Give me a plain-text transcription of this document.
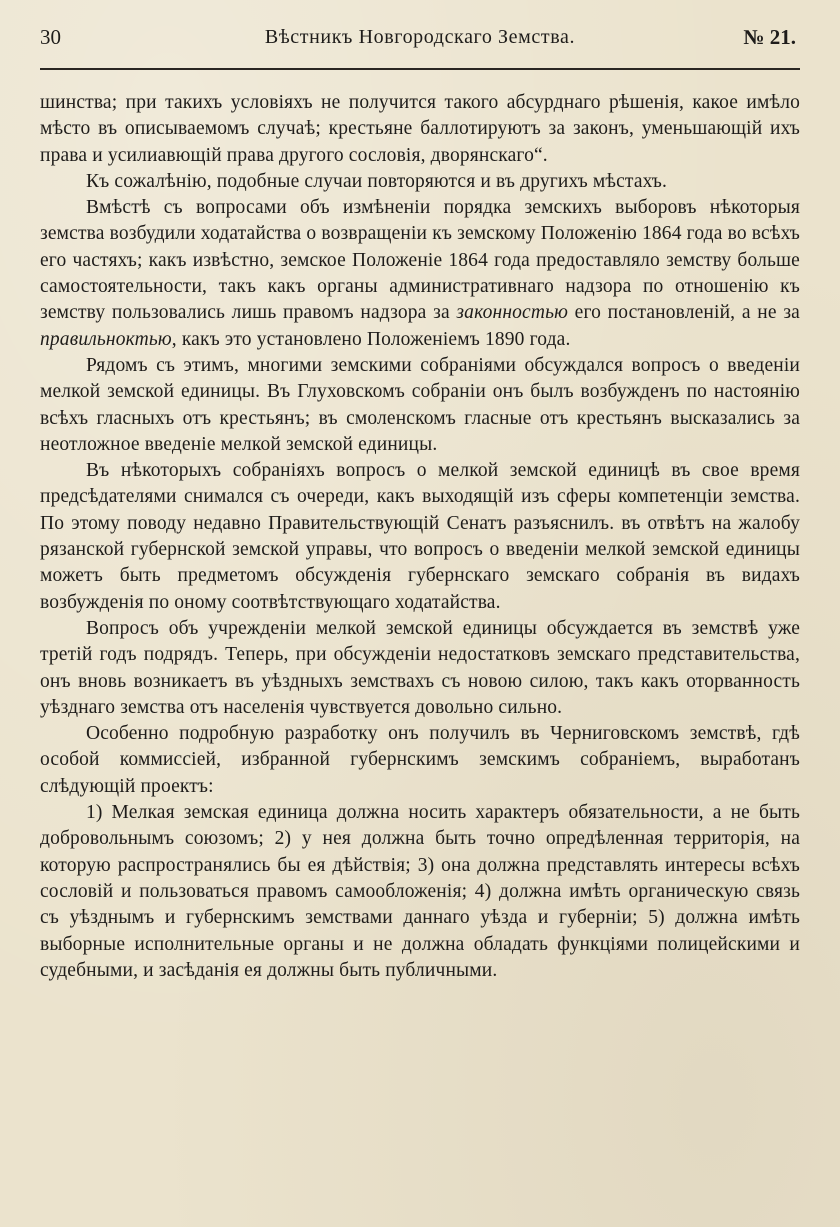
30	Вѣстникъ Новгородскаго Земства.	№ 21.

шинства; при такихъ условіяхъ не получится такого абсурднаго рѣшенія, какое имѣло мѣсто въ описываемомъ случаѣ; крестьяне баллотируютъ за законъ, уменьшающій ихъ права и усилиавющій права другого сословія, дворянскаго“.

Къ сожалѣнію, подобные случаи повторяются и въ другихъ мѣстахъ.

Вмѣстѣ съ вопросами объ измѣненіи порядка земскихъ выборовъ нѣкоторыя земства возбудили ходатайства о возвращеніи къ земскому Положенію 1864 года во всѣхъ его частяхъ; какъ извѣстно, земское Положеніе 1864 года предоставляло земству больше самостоятельности, такъ какъ органы административнаго надзора по отношенію къ земству пользовались лишь правомъ надзора за законностью его постановленій, а не за правильноктью, какъ это установлено Положеніемъ 1890 года.

Рядомъ съ этимъ, многими земскими собраніями обсуждался вопросъ о введеніи мелкой земской единицы. Въ Глуховскомъ собраніи онъ былъ возбужденъ по настоянію всѣхъ гласныхъ отъ крестьянъ; въ смоленскомъ гласные отъ крестьянъ высказались за неотложное введеніе мелкой земской единицы.

Въ нѣкоторыхъ собраніяхъ вопросъ о мелкой земской единицѣ въ свое время предсѣдателями снимался съ очереди, какъ выходящій изъ сферы компетенціи земства. По этому поводу недавно Правительствующій Сенатъ разъяснилъ. въ отвѣтъ на жалобу рязанской губернской земской управы, что вопросъ о введеніи мелкой земской единицы можетъ быть предметомъ обсужденія губернскаго земскаго собранія въ видахъ возбужденія по оному соотвѣтствующаго ходатайства.

Вопросъ объ учрежденіи мелкой земской единицы обсуждается въ земствѣ уже третій годъ подрядъ. Теперь, при обсужденіи недостатковъ земскаго представительства, онъ вновь возникаетъ въ уѣздныхъ земствахъ съ новою силою, такъ какъ оторванность уѣзднаго земства отъ населенія чувствуется довольно сильно.

Особенно подробную разработку онъ получилъ въ Черниговскомъ земствѣ, гдѣ особой коммиссіей, избранной губернскимъ земскимъ собраніемъ, выработанъ слѣдующій проектъ:

1) Мелкая земская единица должна носить характеръ обязательности, а не быть добровольнымъ союзомъ; 2) у нея должна быть точно опредѣленная территорія, на которую распространялись бы ея дѣйствія; 3) она должна представлять интересы всѣхъ сословій и пользоваться правомъ самообложенія; 4) должна имѣть органическую связь съ уѣзднымъ и губернскимъ земствами даннаго уѣзда и губерніи; 5) должна имѣть выборные исполнительные органы и не должна обладать функціями полицейскими и судебными, и засѣданія ея должны быть публичными.
